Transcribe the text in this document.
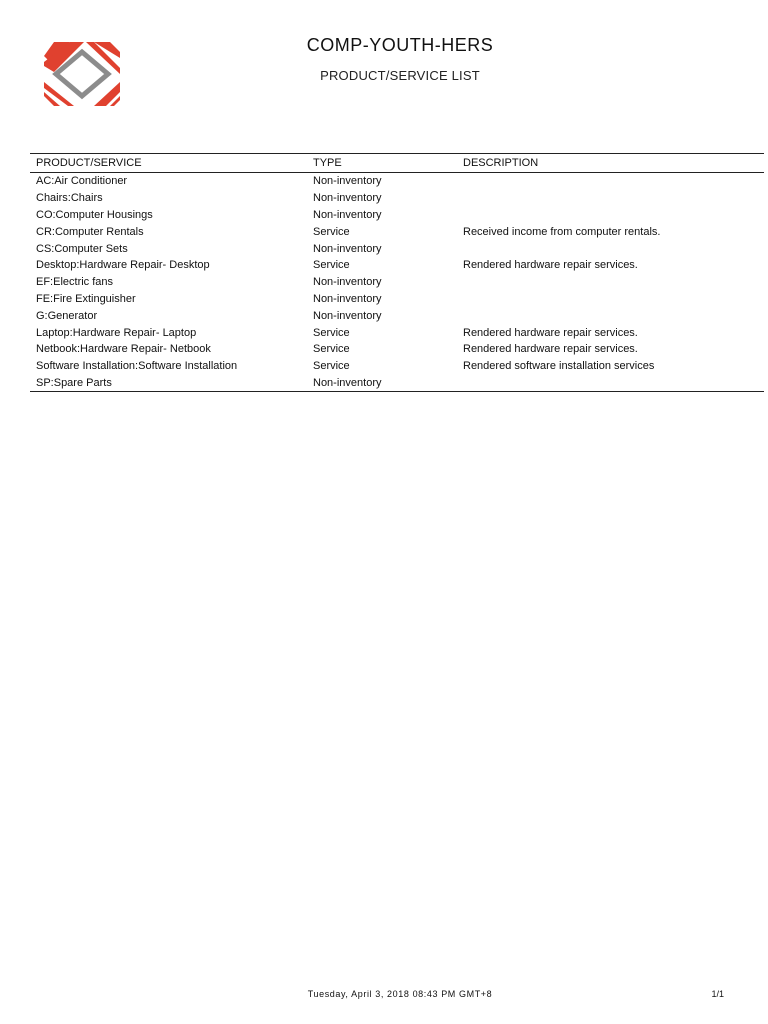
COMP-YOUTH-HERS
PRODUCT/SERVICE LIST
PRODUCT/SERVICE	TYPE	DESCRIPTION
AC:Air Conditioner	Non-inventory	
Chairs:Chairs	Non-inventory	
CO:Computer Housings	Non-inventory	
CR:Computer Rentals	Service	Received income from computer rentals.
CS:Computer Sets	Non-inventory	
Desktop:Hardware Repair- Desktop	Service	Rendered hardware repair services.
EF:Electric fans	Non-inventory	
FE:Fire Extinguisher	Non-inventory	
G:Generator	Non-inventory	
Laptop:Hardware Repair- Laptop	Service	Rendered hardware repair services.
Netbook:Hardware Repair- Netbook	Service	Rendered hardware repair services.
Software Installation:Software Installation	Service	Rendered software installation services
SP:Spare Parts	Non-inventory	
Tuesday, April 3, 2018 08:43 PM GMT+8	1/1
